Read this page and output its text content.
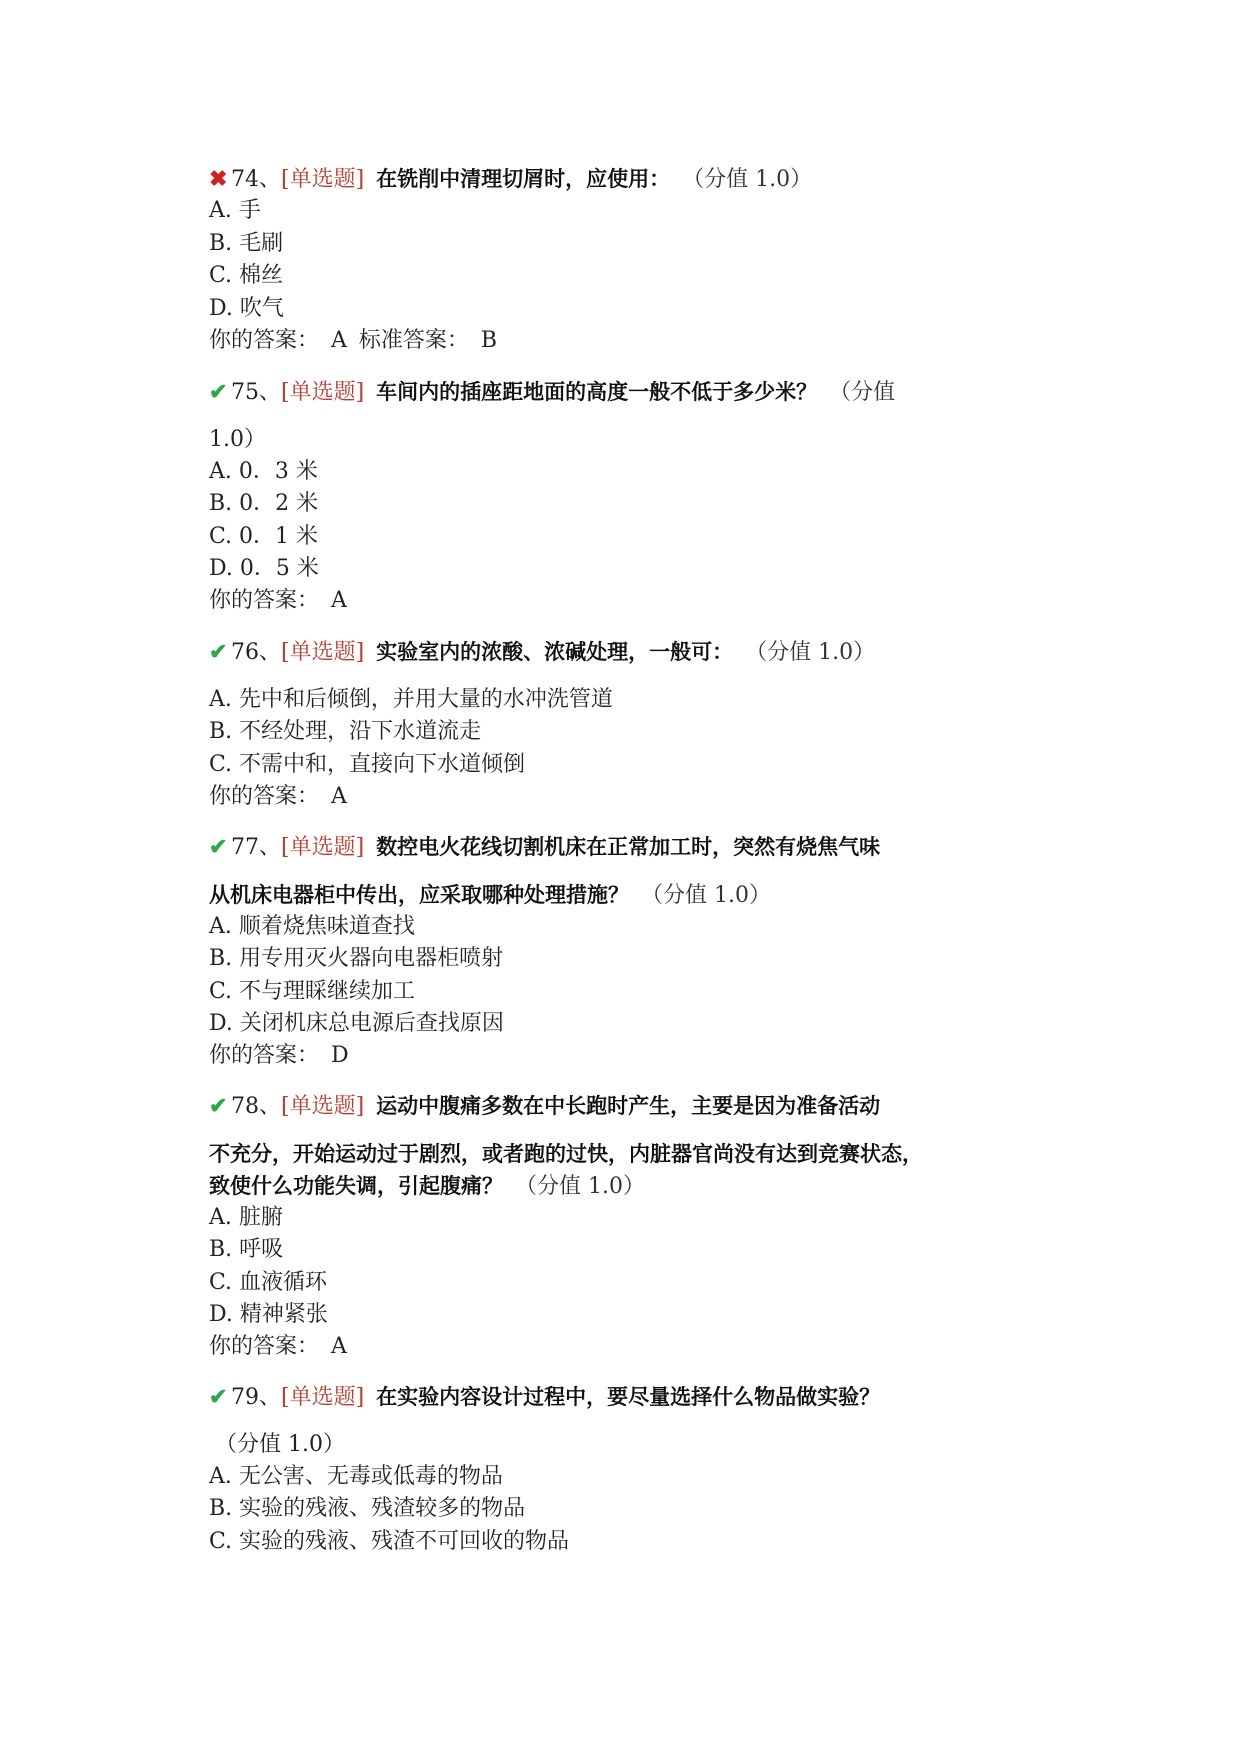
✖ 74、[单选题] 在铣削中清理切屑时，应使用： （分值 1.0）
A. 手
B. 毛刷
C. 棉丝
D. 吹气
你的答案： A 标准答案： B
✔ 75、[单选题] 车间内的插座距地面的高度一般不低于多少米？ （分值
1.0）
A. 0．3 米
B. 0．2 米
C. 0．1 米
D. 0．5 米
你的答案： A
✔ 76、[单选题] 实验室内的浓酸、浓碱处理，一般可： （分值 1.0）
A. 先中和后倾倒，并用大量的水冲洗管道
B. 不经处理，沿下水道流走
C. 不需中和，直接向下水道倾倒
你的答案： A
✔ 77、[单选题] 数控电火花线切割机床在正常加工时，突然有烧焦气味
从机床电器柜中传出，应采取哪种处理措施？ （分值 1.0）
A. 顺着烧焦味道查找
B. 用专用灭火器向电器柜喷射
C. 不与理睬继续加工
D. 关闭机床总电源后查找原因
你的答案： D
✔ 78、[单选题] 运动中腹痛多数在中长跑时产生，主要是因为准备活动
不充分，开始运动过于剧烈，或者跑的过快，内脏器官尚没有达到竞赛状态，
致使什么功能失调，引起腹痛？ （分值 1.0）
A. 脏腑
B. 呼吸
C. 血液循环
D. 精神紧张
你的答案： A
✔ 79、[单选题] 在实验内容设计过程中，要尽量选择什么物品做实验？
（分值 1.0）
A. 无公害、无毒或低毒的物品
B. 实验的残液、残渣较多的物品
C. 实验的残液、残渣不可回收的物品
